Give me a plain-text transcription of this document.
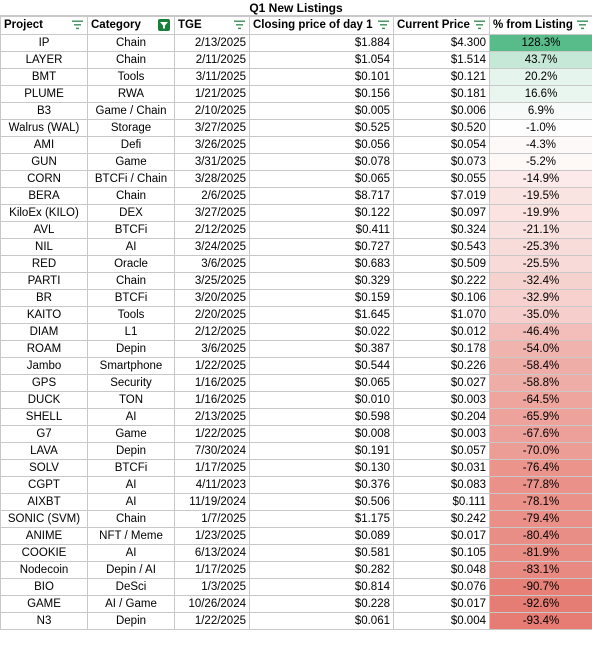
Q1 New Listings
Project	Category	TGE	Closing price of day 1	Current Price	% from Listing

IP	Chain	2/13/2025	$1.884	$4.300	128.3%
LAYER	Chain	2/11/2025	$1.054	$1.514	43.7%
BMT	Tools	3/11/2025	$0.101	$0.121	20.2%
PLUME	RWA	1/21/2025	$0.156	$0.181	16.6%
B3	Game / Chain	2/10/2025	$0.005	$0.006	6.9%
Walrus (WAL)	Storage	3/27/2025	$0.525	$0.520	-1.0%
AMI	Defi	3/26/2025	$0.056	$0.054	-4.3%
GUN	Game	3/31/2025	$0.078	$0.073	-5.2%
CORN	BTCFi / Chain	3/28/2025	$0.065	$0.055	-14.9%
BERA	Chain	2/6/2025	$8.717	$7.019	-19.5%
KiloEx (KILO)	DEX	3/27/2025	$0.122	$0.097	-19.9%
AVL	BTCFi	2/12/2025	$0.411	$0.324	-21.1%
NIL	AI	3/24/2025	$0.727	$0.543	-25.3%
RED	Oracle	3/6/2025	$0.683	$0.509	-25.5%
PARTI	Chain	3/25/2025	$0.329	$0.222	-32.4%
BR	BTCFi	3/20/2025	$0.159	$0.106	-32.9%
KAITO	Tools	2/20/2025	$1.645	$1.070	-35.0%
DIAM	L1	2/12/2025	$0.022	$0.012	-46.4%
ROAM	Depin	3/6/2025	$0.387	$0.178	-54.0%
Jambo	Smartphone	1/22/2025	$0.544	$0.226	-58.4%
GPS	Security	1/16/2025	$0.065	$0.027	-58.8%
DUCK	TON	1/16/2025	$0.010	$0.003	-64.5%
SHELL	AI	2/13/2025	$0.598	$0.204	-65.9%
G7	Game	1/22/2025	$0.008	$0.003	-67.6%
LAVA	Depin	7/30/2024	$0.191	$0.057	-70.0%
SOLV	BTCFi	1/17/2025	$0.130	$0.031	-76.4%
CGPT	AI	4/11/2023	$0.376	$0.083	-77.8%
AIXBT	AI	11/19/2024	$0.506	$0.111	-78.1%
SONIC (SVM)	Chain	1/7/2025	$1.175	$0.242	-79.4%
ANIME	NFT / Meme	1/23/2025	$0.089	$0.017	-80.4%
COOKIE	AI	6/13/2024	$0.581	$0.105	-81.9%
Nodecoin	Depin / AI	1/17/2025	$0.282	$0.048	-83.1%
BIO	DeSci	1/3/2025	$0.814	$0.076	-90.7%
GAME	AI / Game	10/26/2024	$0.228	$0.017	-92.6%
N3	Depin	1/22/2025	$0.061	$0.004	-93.4%
